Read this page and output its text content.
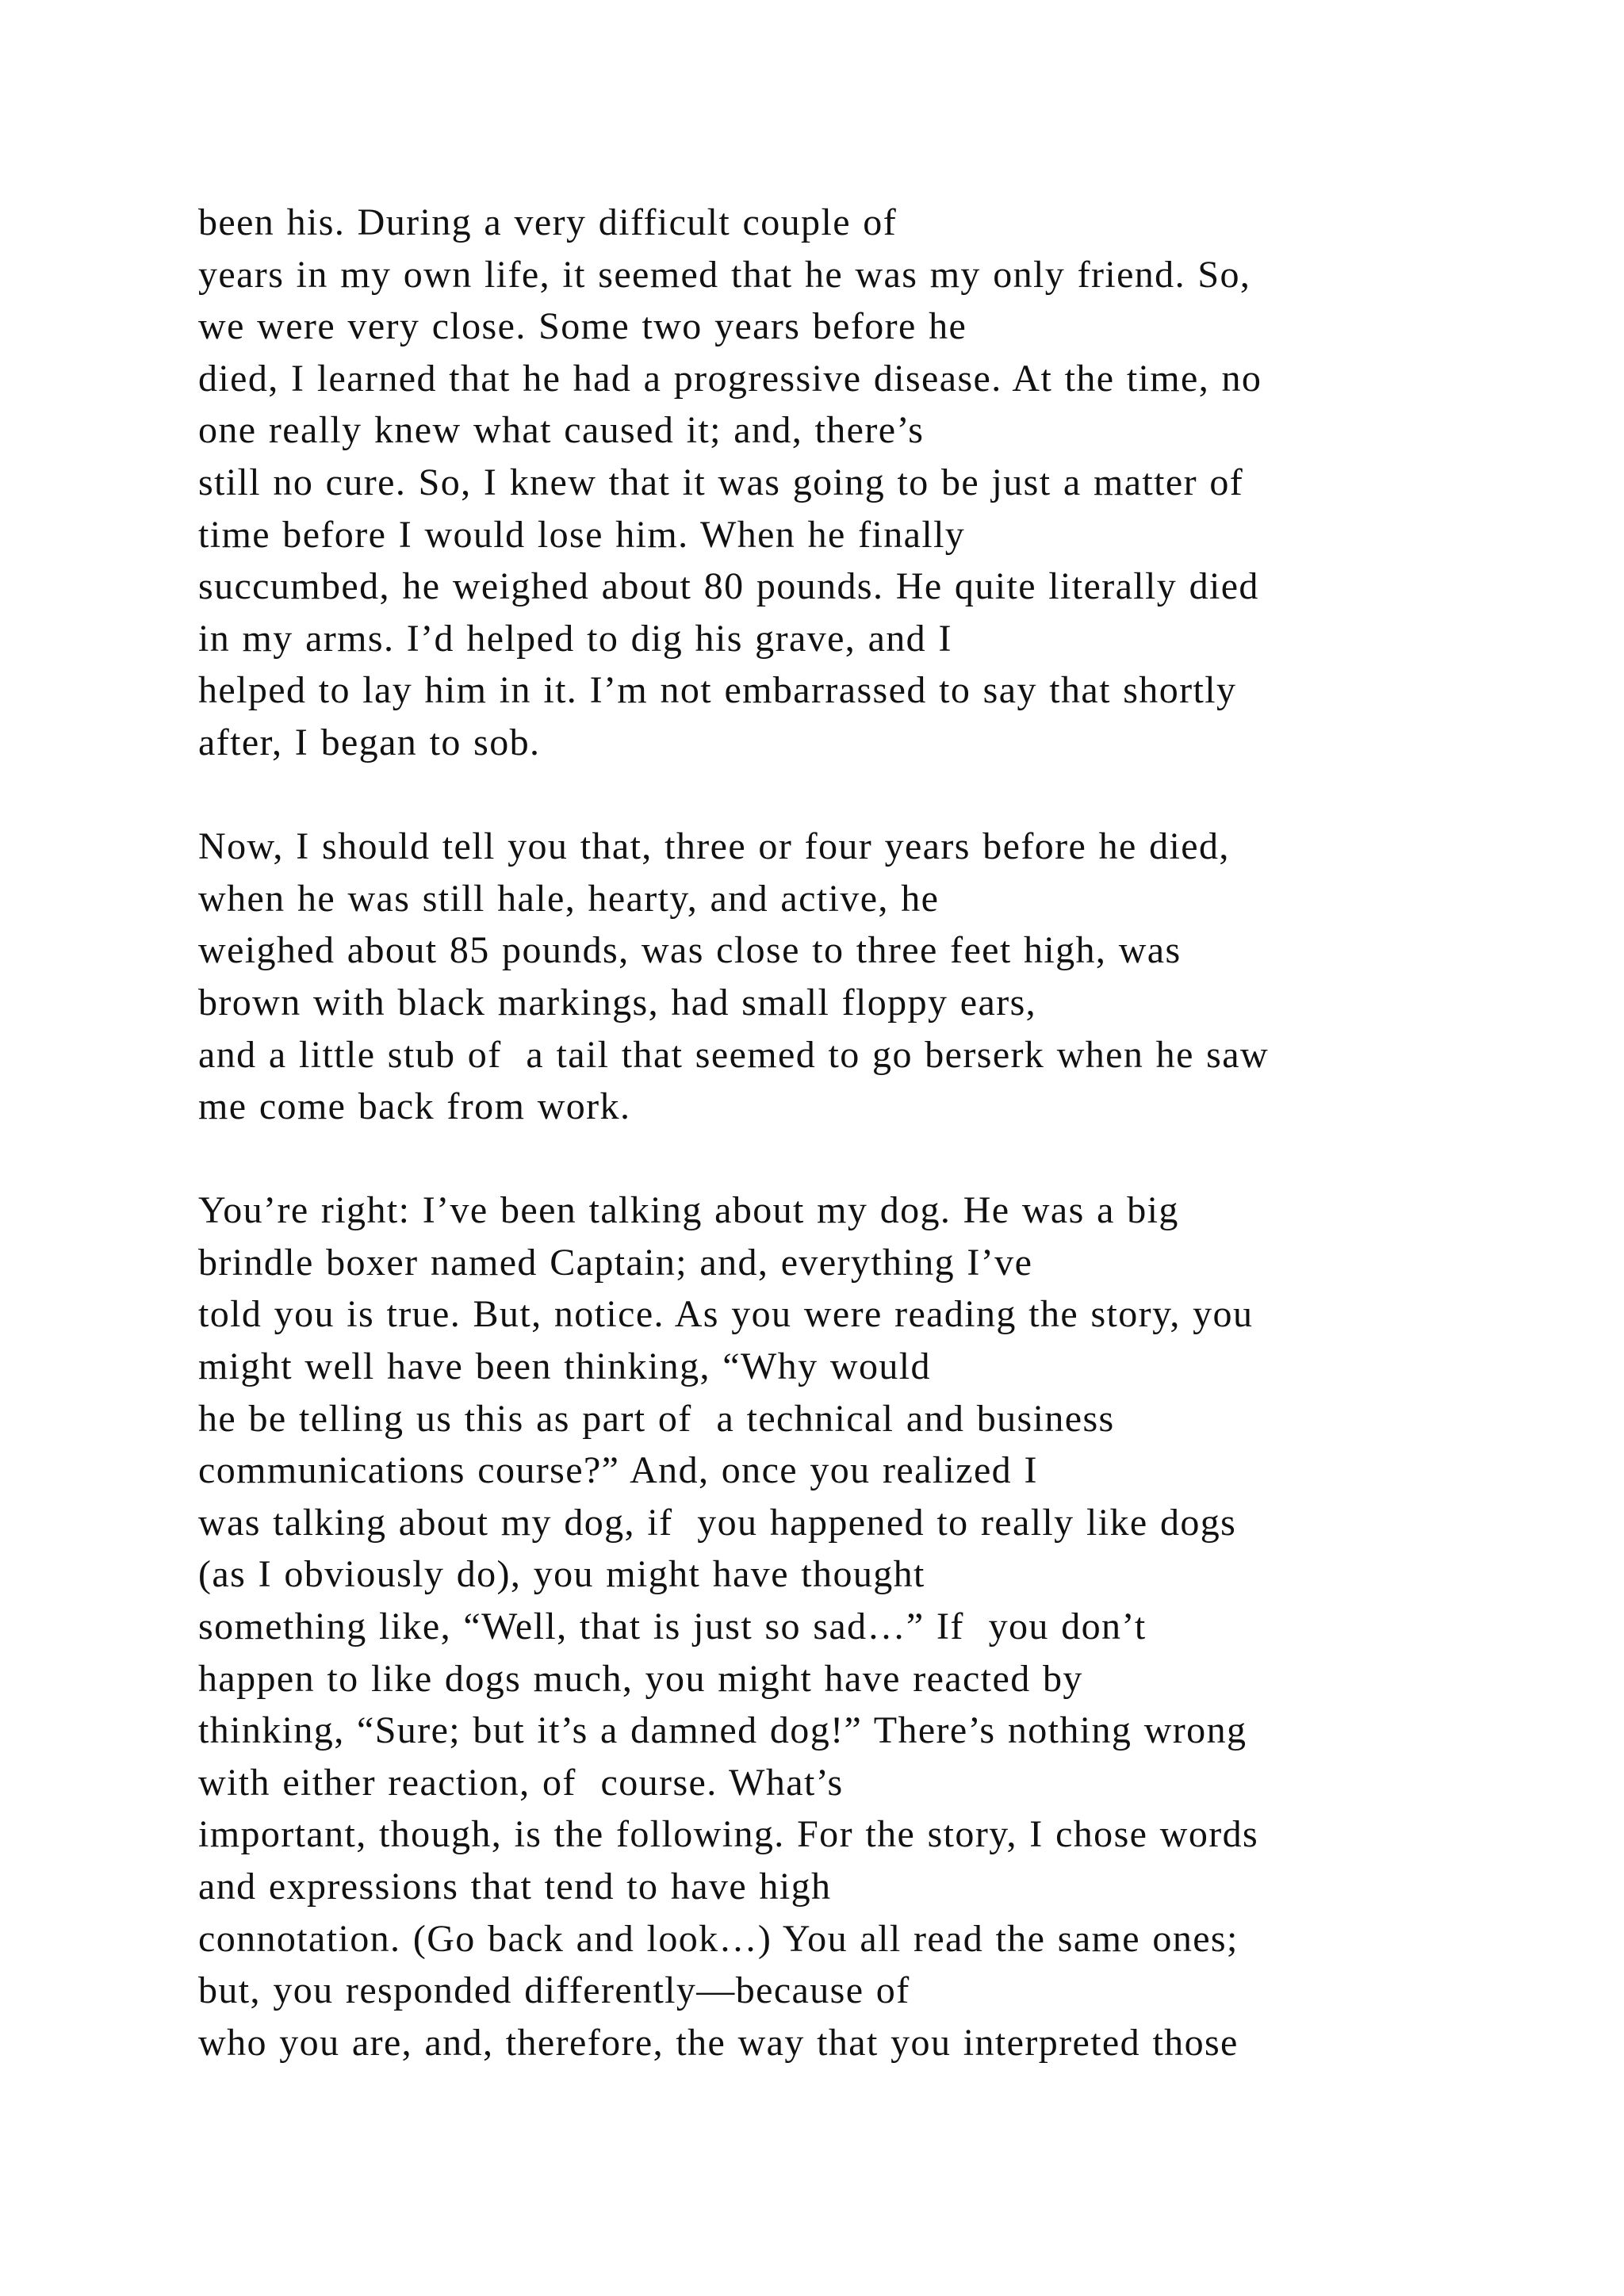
been his. During a very difficult couple of
years in my own life, it seemed that he was my only friend. So,
we were very close. Some two years before he
died, I learned that he had a progressive disease. At the time, no
one really knew what caused it; and, there’s
still no cure. So, I knew that it was going to be just a matter of
time before I would lose him. When he finally
succumbed, he weighed about 80 pounds. He quite literally died
in my arms. I’d helped to dig his grave, and I
helped to lay him in it. I’m not embarrassed to say that shortly
after, I began to sob.
Now, I should tell you that, three or four years before he died,
when he was still hale, hearty, and active, he
weighed about 85 pounds, was close to three feet high, was
brown with black markings, had small floppy ears,
and a little stub of  a tail that seemed to go berserk when he saw
me come back from work.
You’re right: I’ve been talking about my dog. He was a big
brindle boxer named Captain; and, everything I’ve
told you is true. But, notice. As you were reading the story, you
might well have been thinking, “Why would
he be telling us this as part of  a technical and business
communications course?” And, once you realized I
was talking about my dog, if  you happened to really like dogs
(as I obviously do), you might have thought
something like, “Well, that is just so sad…” If  you don’t
happen to like dogs much, you might have reacted by
thinking, “Sure; but it’s a damned dog!” There’s nothing wrong
with either reaction, of  course. What’s
important, though, is the following. For the story, I chose words
and expressions that tend to have high
connotation. (Go back and look…) You all read the same ones;
but, you responded differently—because of
who you are, and, therefore, the way that you interpreted those
